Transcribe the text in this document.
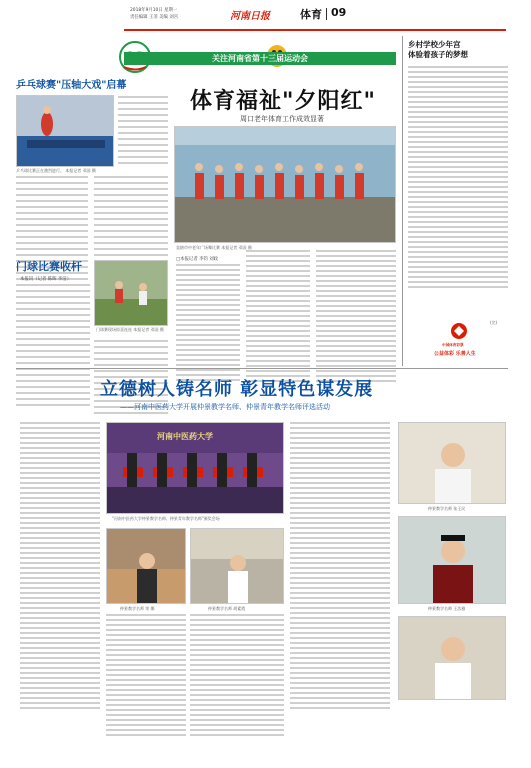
2018年9月10日 星期一
责任编辑 王菲 美编 刘宫	河南日报	体育 09
关注河南省第十三届运动会
乒乓球赛"压轴大戏"启幕
乒乓球比赛正在激烈进行。 本报记者 邓国 摄
门球比赛收杆
本报讯（记者 陈晖 李洁）
门球赛现场惊喜连连 本报记者 邓国 摄
体育福祉"夕阳红"
周口老年体育工作成效显著
直辖市中老年广场舞比赛 本报记者 邓国 摄
□本报记者 李钧 刘政
乡村学校少年宫
体验着孩子的梦想
(完)
中国体育彩票
公益体彩 乐善人生
立德树人铸名师 彰显特色谋发展
——河南中医药大学开展仲景教学名师、仲景青年教学名师评选活动
河南中医药大学
"河南中医药大学仲景教学名师、仲景青年教学名师"颁奖会场
仲景教学名师 荣 娜	仲景教学名师 胡素霞
仲景教学名师 张王民
仲景教学名师 王浩雅
